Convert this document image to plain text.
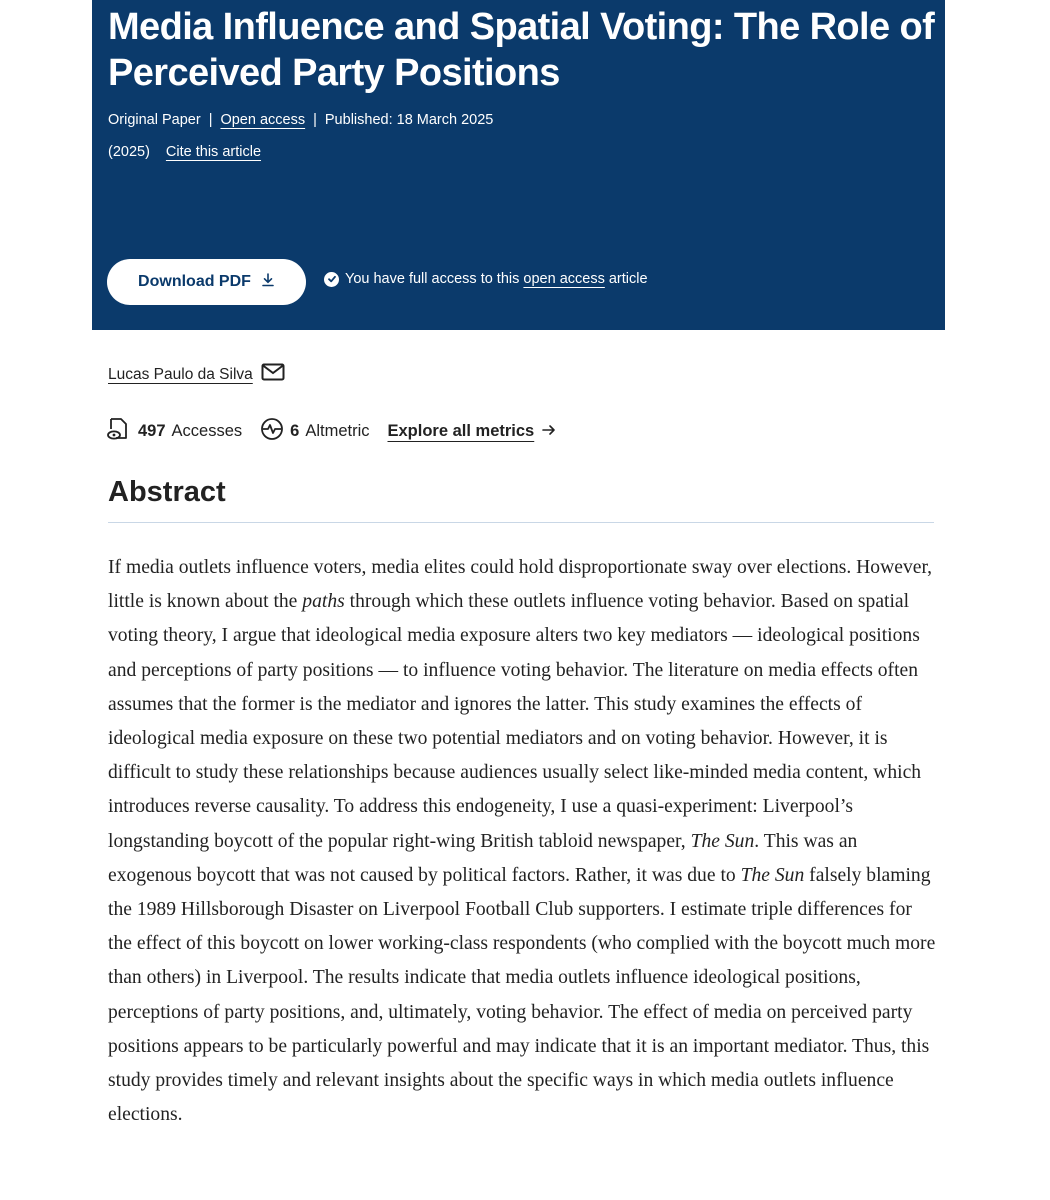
Media Influence and Spatial Voting: The Role of Perceived Party Positions
Original Paper | Open access | Published: 18 March 2025
(2025) Cite this article
Download PDF	You have full access to this open access article
Lucas Paulo da Silva
497 Accesses	6 Altmetric Explore all metrics
Abstract

If media outlets influence voters, media elites could hold disproportionate sway over elections. However, little is known about the paths through which these outlets influence voting behavior. Based on spatial voting theory, I argue that ideological media exposure alters two key mediators — ideological positions and perceptions of party positions — to influence voting behavior. The literature on media effects often assumes that the former is the mediator and ignores the latter. This study examines the effects of ideological media exposure on these two potential mediators and on voting behavior. However, it is difficult to study these relationships because audiences usually select like-minded media content, which introduces reverse causality. To address this endogeneity, I use a quasi-experiment: Liverpool’s longstanding boycott of the popular right-wing British tabloid newspaper, The Sun. This was an exogenous boycott that was not caused by political factors. Rather, it was due to The Sun falsely blaming the 1989 Hillsborough Disaster on Liverpool Football Club supporters. I estimate triple differences for the effect of this boycott on lower working-class respondents (who complied with the boycott much more than others) in Liverpool. The results indicate that media outlets influence ideological positions, perceptions of party positions, and, ultimately, voting behavior. The effect of media on perceived party positions appears to be particularly powerful and may indicate that it is an important mediator. Thus, this study provides timely and relevant insights about the specific ways in which media outlets influence elections.
